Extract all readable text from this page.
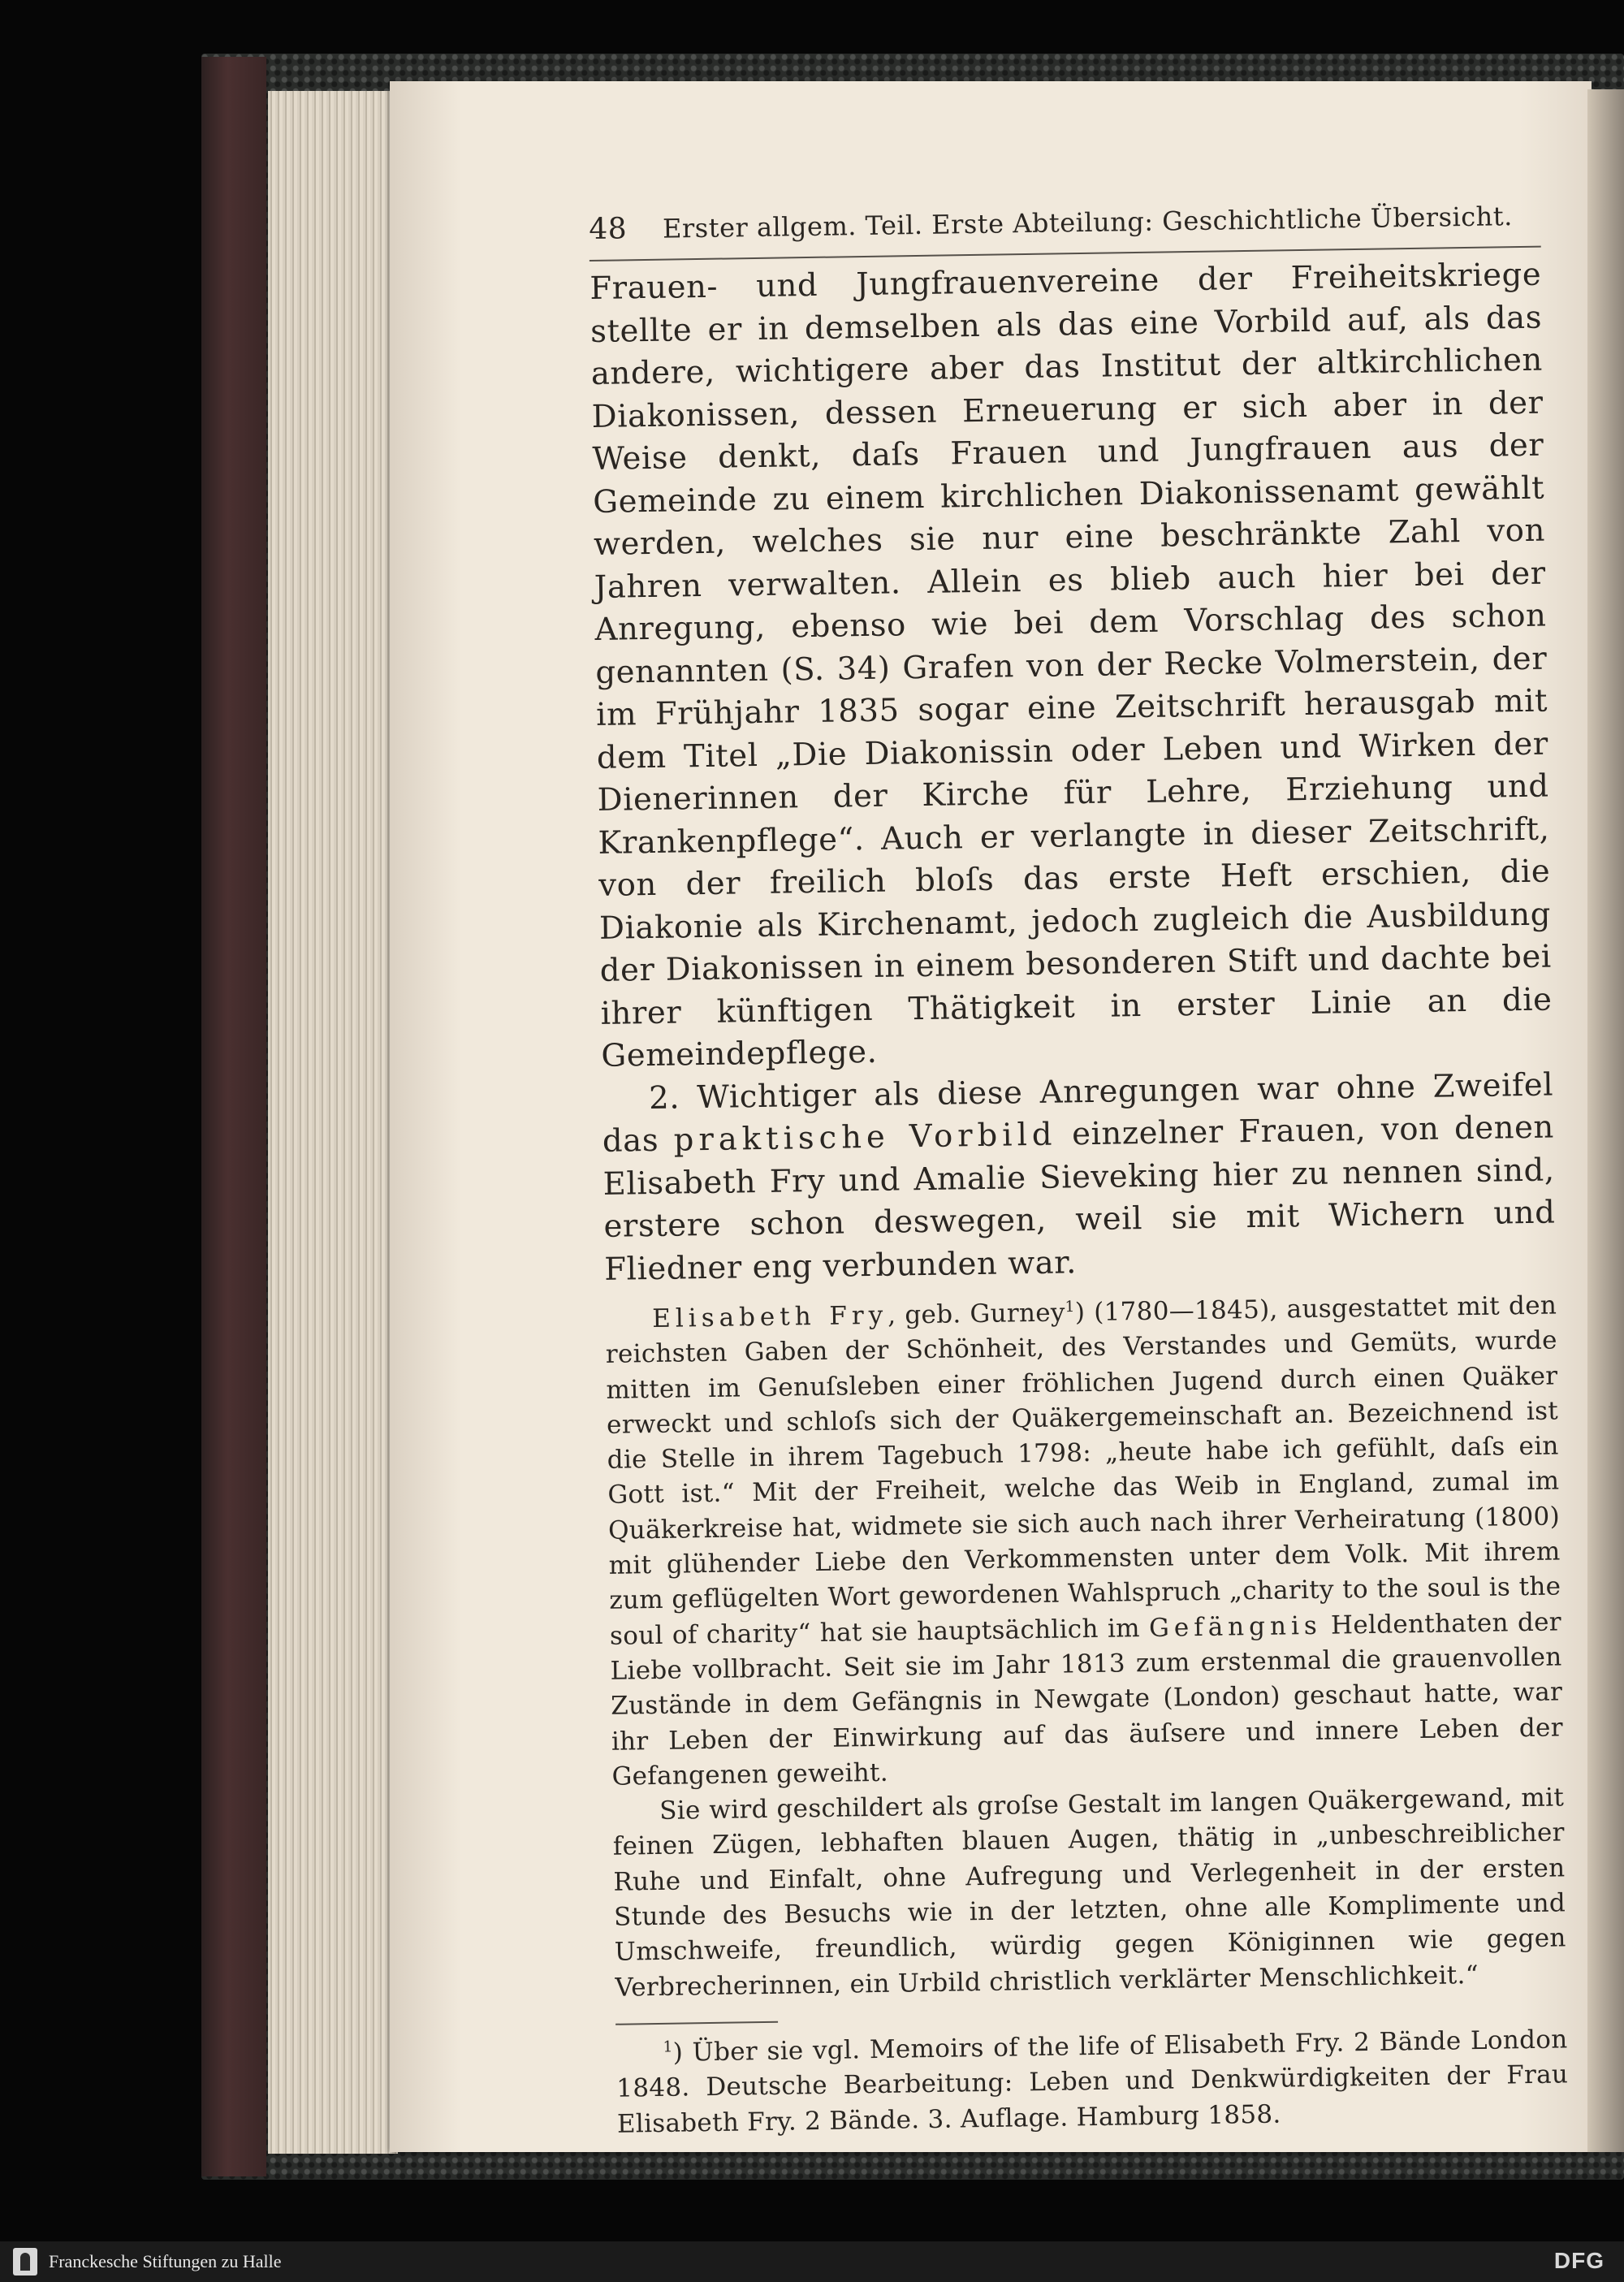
48 Erster allgem. Teil. Erste Abteilung: Geschichtliche Übersicht.

Frauen- und Jungfrauenvereine der Freiheitskriege stellte er in demselben als das eine Vorbild auf, als das andere, wichtigere aber das Institut der altkirchlichen Diakonissen, dessen Erneuerung er sich aber in der Weise denkt, daſs Frauen und Jungfrauen aus der Gemeinde zu einem kirchlichen Diakonissenamt gewählt werden, welches sie nur eine beschränkte Zahl von Jahren verwalten. Allein es blieb auch hier bei der Anregung, ebenso wie bei dem Vorschlag des schon genannten (S. 34) Grafen von der Recke Volmerstein, der im Frühjahr 1835 sogar eine Zeitschrift herausgab mit dem Titel „Die Diakonissin oder Leben und Wirken der Dienerinnen der Kirche für Lehre, Erziehung und Krankenpflege“. Auch er verlangte in dieser Zeitschrift, von der freilich bloſs das erste Heft erschien, die Diakonie als Kirchenamt, jedoch zugleich die Ausbildung der Diakonissen in einem besonderen Stift und dachte bei ihrer künftigen Thätigkeit in erster Linie an die Gemeindepflege.

2. Wichtiger als diese Anregungen war ohne Zweifel das praktische Vorbild einzelner Frauen, von denen Elisabeth Fry und Amalie Sieveking hier zu nennen sind, erstere schon deswegen, weil sie mit Wichern und Fliedner eng verbunden war.

Elisabeth Fry, geb. Gurney$^1$) (1780—1845), ausgestattet mit den reichsten Gaben der Schönheit, des Verstandes und Gemüts, wurde mitten im Genuſsleben einer fröhlichen Jugend durch einen Quäker erweckt und schloſs sich der Quäkergemeinschaft an. Bezeichnend ist die Stelle in ihrem Tagebuch 1798: „heute habe ich gefühlt, daſs ein Gott ist.“ Mit der Freiheit, welche das Weib in England, zumal im Quäkerkreise hat, widmete sie sich auch nach ihrer Verheiratung (1800) mit glühender Liebe den Verkommensten unter dem Volk. Mit ihrem zum geflügelten Wort gewordenen Wahlspruch „charity to the soul is the soul of charity“ hat sie hauptsächlich im Gefängnis Heldenthaten der Liebe vollbracht. Seit sie im Jahr 1813 zum erstenmal die grauenvollen Zustände in dem Gefängnis in Newgate (London) geschaut hatte, war ihr Leben der Einwirkung auf das äuſsere und innere Leben der Gefangenen geweiht.

Sie wird geschildert als groſse Gestalt im langen Quäkergewand, mit feinen Zügen, lebhaften blauen Augen, thätig in „unbeschreiblicher Ruhe und Einfalt, ohne Aufregung und Verlegenheit in der ersten Stunde des Besuchs wie in der letzten, ohne alle Komplimente und Umschweife, freundlich, würdig gegen Königinnen wie gegen Verbrecherinnen, ein Urbild christlich verklärter Menschlichkeit.“

$^1$) Über sie vgl. Memoirs of the life of Elisabeth Fry. 2 Bände London 1848. Deutsche Bearbeitung: Leben und Denkwürdigkeiten der Frau Elisabeth Fry. 2 Bände. 3. Auflage. Hamburg 1858.

Franckesche Stiftungen zu Halle	DFG
